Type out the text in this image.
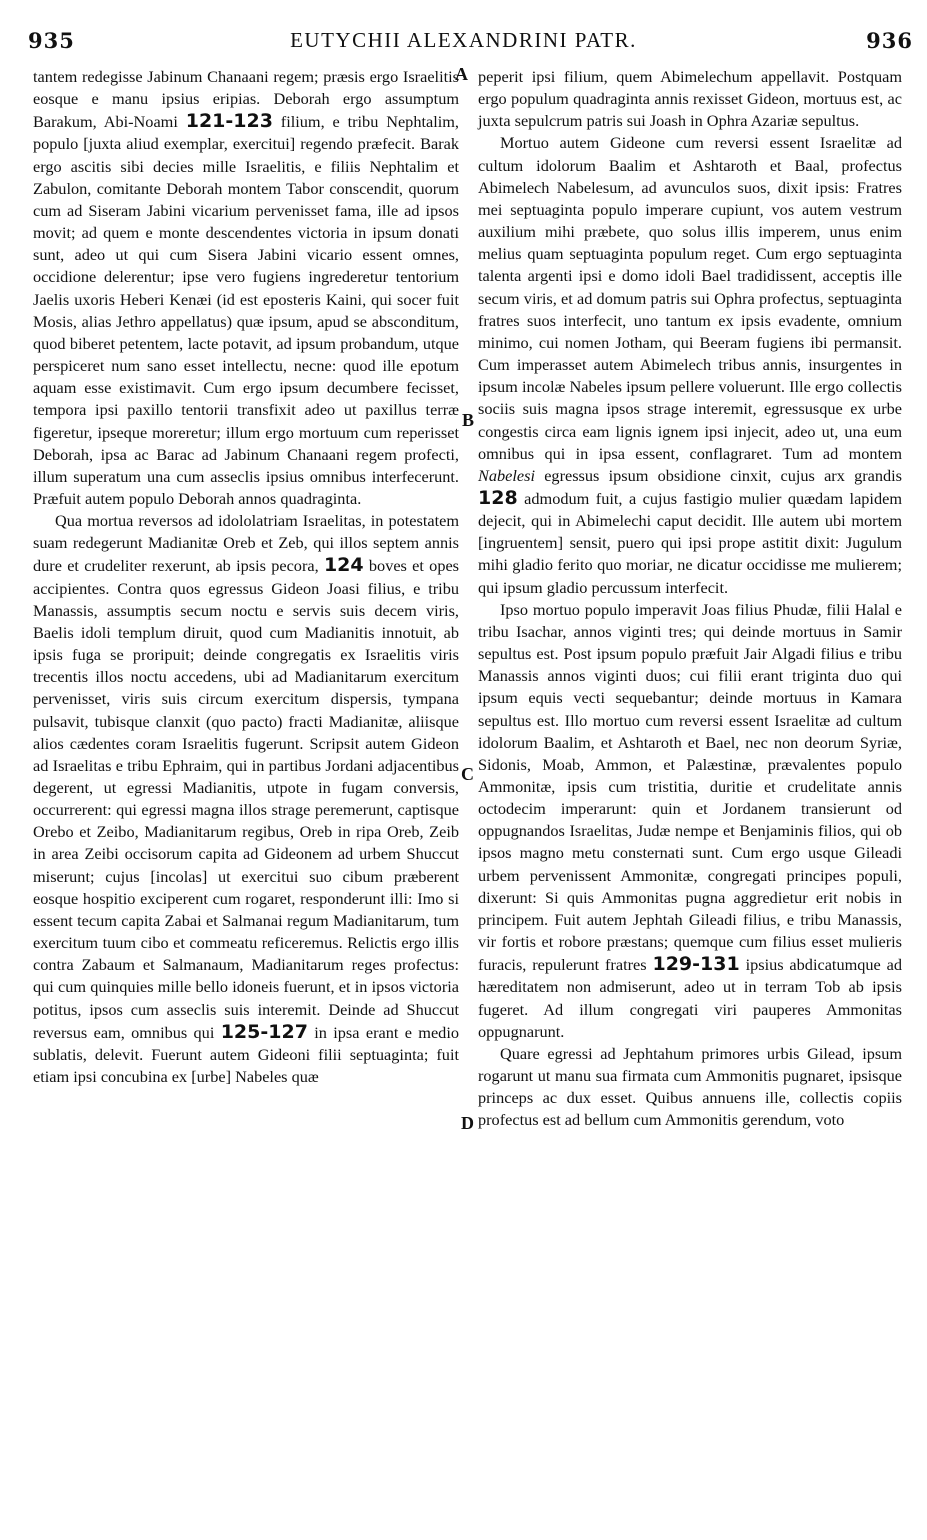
935	EUTYCHII ALEXANDRINI PATR.	936

tantem redegisse Jabinum Chanaani regem; præsis ergo Israelitis eosque e manu ipsius eripias. Deborah ergo assumptum Barakum, Abi-Noami 121-123 filium, e tribu Nephtalim, populo [juxta aliud exemplar, exercitui] regendo præfecit. Barak ergo ascitis sibi decies mille Israelitis, e filiis Nephtalim et Zabulon, comitante Deborah montem Tabor conscendit, quorum cum ad Siseram Jabini vicarium pervenisset fama, ille ad ipsos movit; ad quem e monte descendentes victoria in ipsum donati sunt, adeo ut qui cum Sisera Jabini vicario essent omnes, occidione delerentur; ipse vero fugiens ingrederetur tentorium Jaelis uxoris Heberi Kenæi (id est eposteris Kaini, qui socer fuit Mosis, alias Jethro appellatus) quæ ipsum, apud se absconditum, quod biberet petentem, lacte potavit, ad ipsum probandum, utque perspiceret num sano esset intellectu, necne: quod ille epotum aquam esse existimavit. Cum ergo ipsum decumbere fecisset, tempora ipsi paxillo tentorii transfixit adeo ut paxillus terræ figeretur, ipseque moreretur; illum ergo mortuum cum reperisset Deborah, ipsa ac Barac ad Jabinum Chanaani regem profecti, illum superatum una cum asseclis ipsius omnibus interfecerunt. Præfuit autem populo Deborah annos quadraginta.

Qua mortua reversos ad idololatriam Israelitas, in potestatem suam redegerunt Madianitæ Oreb et Zeb, qui illos septem annis dure et crudeliter rexerunt, ab ipsis pecora, 124 boves et opes accipientes. Contra quos egressus Gideon Joasi filius, e tribu Manassis, assumptis secum noctu e servis suis decem viris, Baelis idoli templum diruit, quod cum Madianitis innotuit, ab ipsis fuga se proripuit; deinde congregatis ex Israelitis viris trecentis illos noctu accedens, ubi ad Madianitarum exercitum pervenisset, viris suis circum exercitum dispersis, tympana pulsavit, tubisque clanxit (quo pacto) fracti Madianitæ, aliisque alios cædentes coram Israelitis fugerunt. Scripsit autem Gideon ad Israelitas e tribu Ephraim, qui in partibus Jordani adjacentibus degerent, ut egressi Madianitis, utpote in fugam conversis, occurrerent: qui egressi magna illos strage peremerunt, captisque Orebo et Zeibo, Madianitarum regibus, Oreb in ripa Oreb, Zeib in area Zeibi occisorum capita ad Gideonem ad urbem Shuccut miserunt; cujus [incolas] ut exercitui suo cibum præberent eosque hospitio exciperent cum rogaret, responderunt illi: Imo si essent tecum capita Zabai et Salmanai regum Madianitarum, tum exercitum tuum cibo et commeatu reficeremus. Relictis ergo illis contra Zabaum et Salmanaum, Madianitarum reges profectus: qui cum quinquies mille bello idoneis fuerunt, et in ipsos victoria potitus, ipsos cum asseclis suis interemit. Deinde ad Shuccut reversus eam, omnibus qui 125-127 in ipsa erant e medio sublatis, delevit. Fuerunt autem Gideoni filii septuaginta; fuit etiam ipsi concubina ex [urbe] Nabeles quæ

peperit ipsi filium, quem Abimelechum appellavit. Postquam ergo populum quadraginta annis rexisset Gideon, mortuus est, ac juxta sepulcrum patris sui Joash in Ophra Azariæ sepultus.

Mortuo autem Gideone cum reversi essent Israelitæ ad cultum idolorum Baalim et Ashtaroth et Baal, profectus Abimelech Nabelesum, ad avunculos suos, dixit ipsis: Fratres mei septuaginta populo imperare cupiunt, vos autem vestrum auxilium mihi præbete, quo solus illis imperem, unus enim melius quam septuaginta populum reget. Cum ergo septuaginta talenta argenti ipsi e domo idoli Bael tradidissent, acceptis ille secum viris, et ad domum patris sui Ophra profectus, septuaginta fratres suos interfecit, uno tantum ex ipsis evadente, omnium minimo, cui nomen Jotham, qui Beeram fugiens ibi permansit. Cum imperasset autem Abimelech tribus annis, insurgentes in ipsum incolæ Nabeles ipsum pellere voluerunt. Ille ergo collectis sociis suis magna ipsos strage interemit, egressusque ex urbe congestis circa eam lignis ignem ipsi injecit, adeo ut, una eum omnibus qui in ipsa essent, conflagraret. Tum ad montem Nabelesi egressus ipsum obsidione cinxit, cujus arx grandis 128 admodum fuit, a cujus fastigio mulier quædam lapidem dejecit, qui in Abimelechi caput decidit. Ille autem ubi mortem [ingruentem] sensit, puero qui ipsi prope astitit dixit: Jugulum mihi gladio ferito quo moriar, ne dicatur occidisse me mulierem; qui ipsum gladio percussum interfecit.

Ipso mortuo populo imperavit Joas filius Phudæ, filii Halal e tribu Isachar, annos viginti tres; qui deinde mortuus in Samir sepultus est. Post ipsum populo præfuit Jair Algadi filius e tribu Manassis annos viginti duos; cui filii erant triginta duo qui ipsum equis vecti sequebantur; deinde mortuus in Kamara sepultus est. Illo mortuo cum reversi essent Israelitæ ad cultum idolorum Baalim, et Ashtaroth et Bael, nec non deorum Syriæ, Sidonis, Moab, Ammon, et Palæstinæ, prævalentes populo Ammonitæ, ipsis cum tristitia, duritie et crudelitate annis octodecim imperarunt: quin et Jordanem transierunt od oppugnandos Israelitas, Judæ nempe et Benjaminis filios, qui ob ipsos magno metu consternati sunt. Cum ergo usque Gileadi urbem pervenissent Ammonitæ, congregati principes populi, dixerunt: Si quis Ammonitas pugna aggredietur erit nobis in principem. Fuit autem Jephtah Gileadi filius, e tribu Manassis, vir fortis et robore præstans; quemque cum filius esset mulieris furacis, repulerunt fratres 129-131 ipsius abdicatumque ad hæreditatem non admiserunt, adeo ut in terram Tob ab ipsis fugeret. Ad illum congregati viri pauperes Ammonitas oppugnarunt.

Quare egressi ad Jephtahum primores urbis Gilead, ipsum rogarunt ut manu sua firmata cum Ammonitis pugnaret, ipsisque princeps ac dux esset. Quibus annuens ille, collectis copiis profectus est ad bellum cum Ammonitis gerendum, voto

A
B
C
D
